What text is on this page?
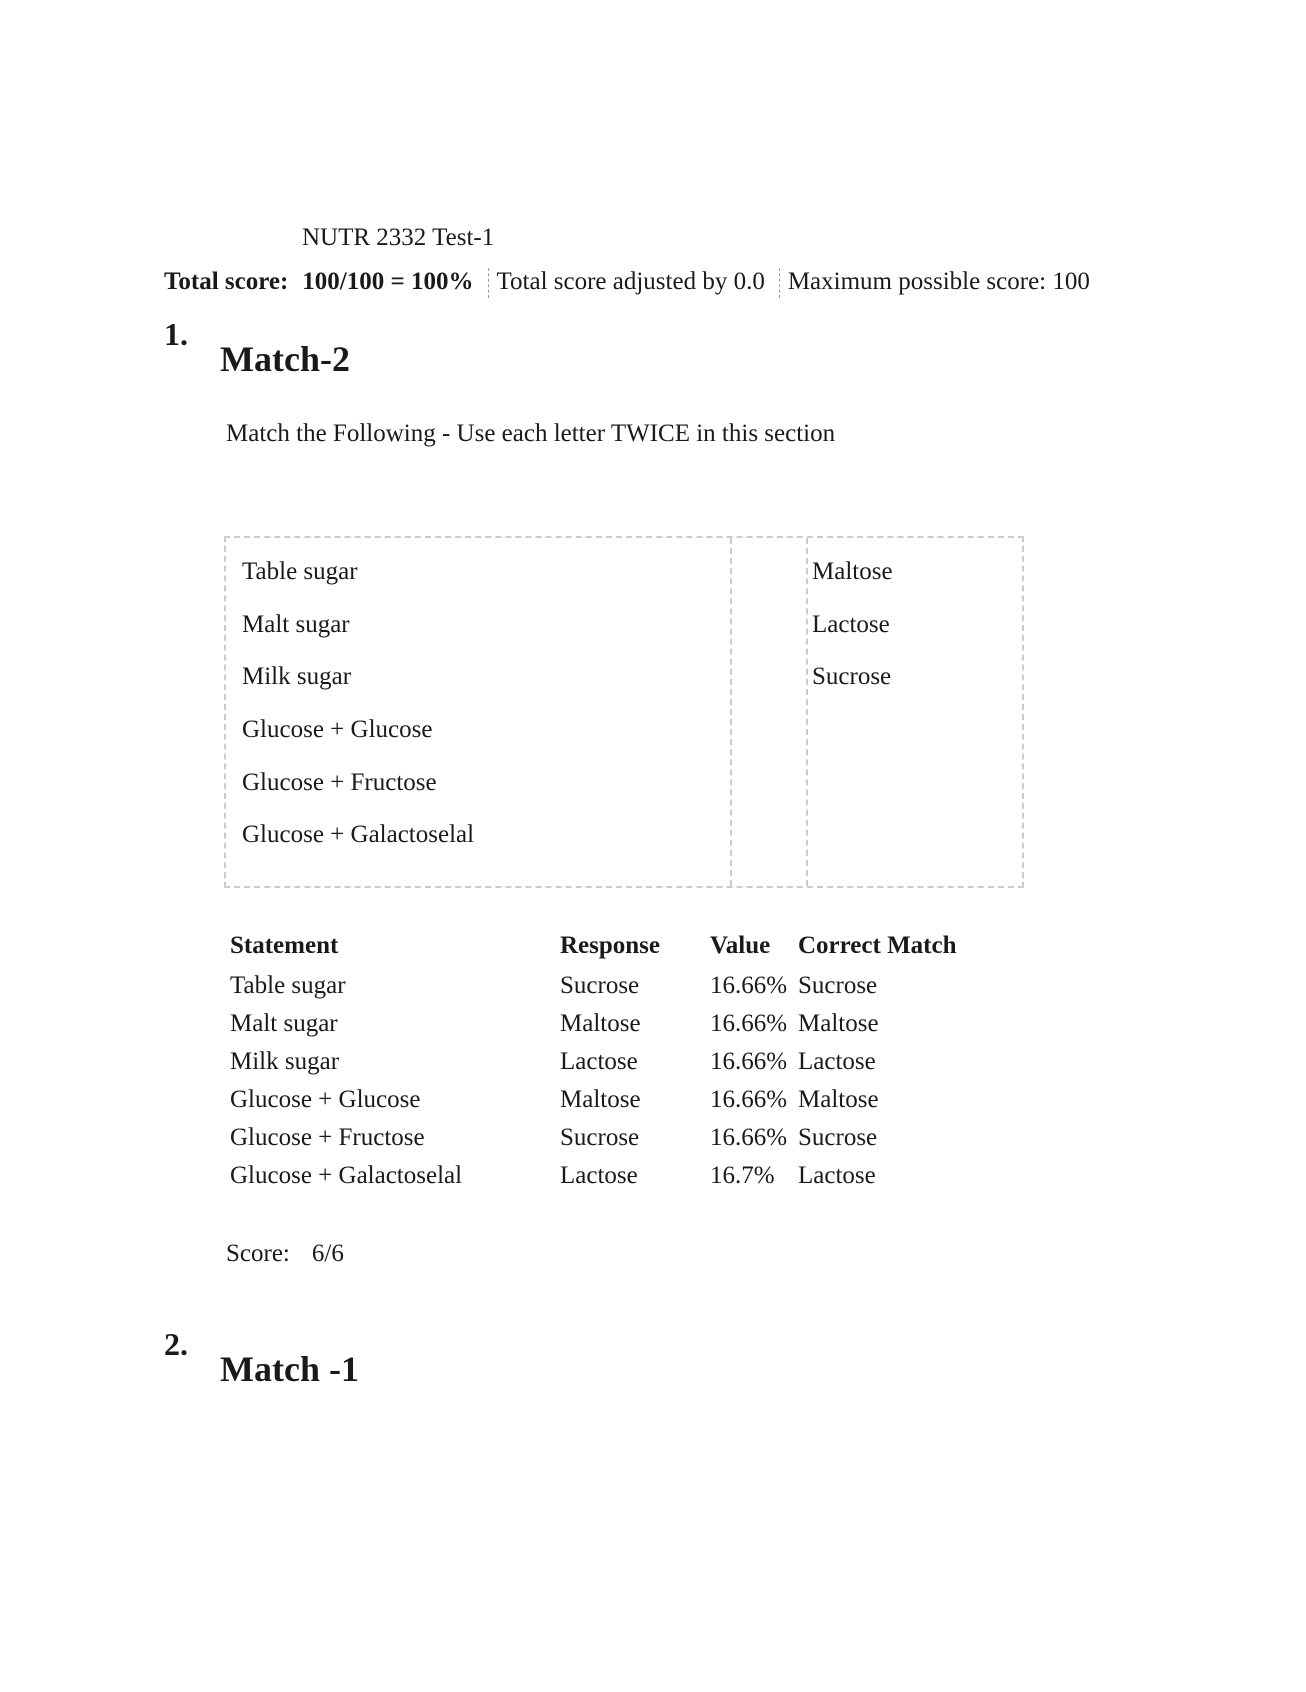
NUTR 2332 Test-1
Total score: 100/100 = 100% Total score adjusted by 0.0 Maximum possible score: 100
1.
Match-2
Match the Following - Use each letter TWICE in this section
Table sugar
Malt sugar
Milk sugar
Glucose + Glucose
Glucose + Fructose
Glucose + Galactoselal
Maltose
Lactose
Sucrose
Statement	Response Value Correct Match
Table sugar	Sucrose	16.66% Sucrose
Malt sugar	Maltose	16.66% Maltose
Milk sugar	Lactose	16.66% Lactose
Glucose + Glucose	Maltose	16.66% Maltose
Glucose + Fructose	Sucrose	16.66% Sucrose
Glucose + Galactoselal	Lactose	16.7% Lactose
Score: 6/6
2.
Match -1
